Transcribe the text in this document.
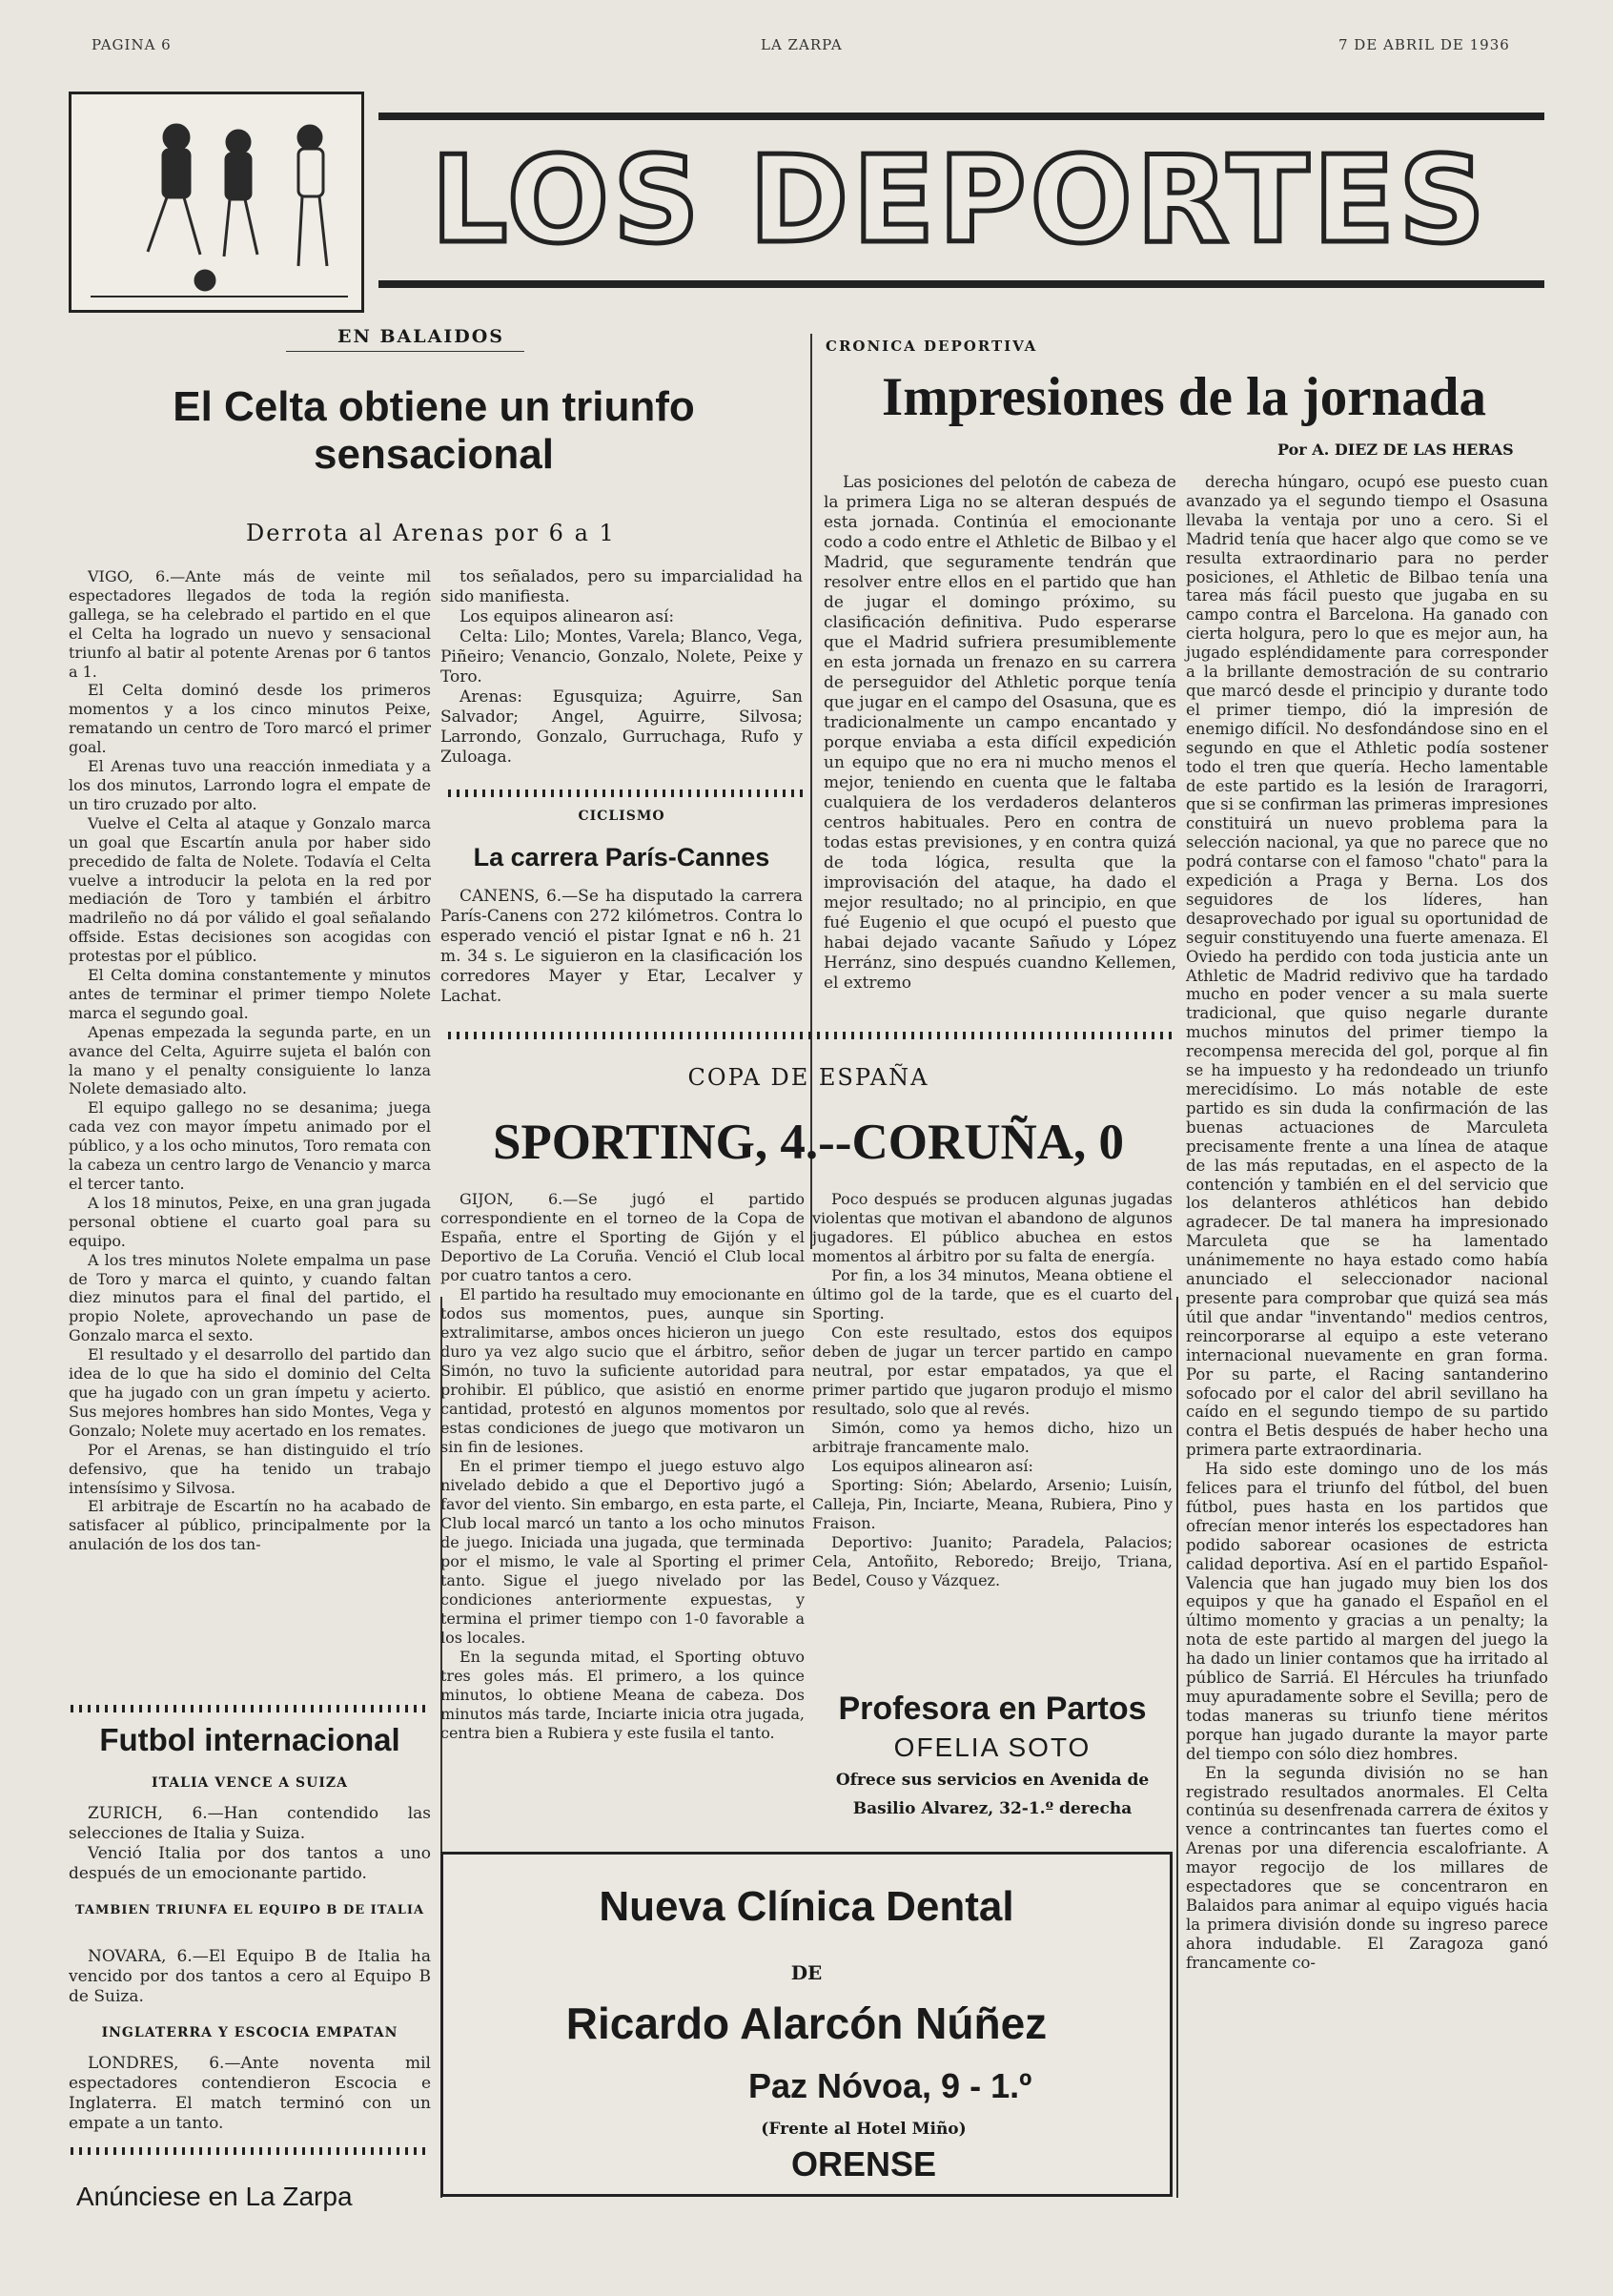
PAGINA 6	LA ZARPA	7 DE ABRIL DE 1936
LOS DEPORTES
EN BALAIDOS
El Celta obtiene un triunfo sensacional
Derrota al Arenas por 6 a 1

VIGO, 6.—Ante más de veinte mil espectadores llegados de toda la región gallega, se ha celebrado el partido en el que el Celta ha logrado un nuevo y sensacional triunfo al batir al potente Arenas por 6 tantos a 1.

El Celta dominó desde los primeros momentos y a los cinco minutos Peixe, rematando un centro de Toro marcó el primer goal.

El Arenas tuvo una reacción inmediata y a los dos minutos, Larrondo logra el empate de un tiro cruzado por alto.

Vuelve el Celta al ataque y Gonzalo marca un goal que Escartín anula por haber sido precedido de falta de Nolete. Todavía el Celta vuelve a introducir la pelota en la red por mediación de Toro y también el árbitro madrileño no dá por válido el goal señalando offside. Estas decisiones son acogidas con protestas por el público.

El Celta domina constantemente y minutos antes de terminar el primer tiempo Nolete marca el segundo goal.

Apenas empezada la segunda parte, en un avance del Celta, Aguirre sujeta el balón con la mano y el penalty consiguiente lo lanza Nolete demasiado alto.

El equipo gallego no se desanima; juega cada vez con mayor ímpetu animado por el público, y a los ocho minutos, Toro remata con la cabeza un centro largo de Venancio y marca el tercer tanto.

A los 18 minutos, Peixe, en una gran jugada personal obtiene el cuarto goal para su equipo.

A los tres minutos Nolete empalma un pase de Toro y marca el quinto, y cuando faltan diez minutos para el final del partido, el propio Nolete, aprovechando un pase de Gonzalo marca el sexto.

El resultado y el desarrollo del partido dan idea de lo que ha sido el dominio del Celta que ha jugado con un gran ímpetu y acierto. Sus mejores hombres han sido Montes, Vega y Gonzalo; Nolete muy acertado en los remates.

Por el Arenas, se han distinguido el trío defensivo, que ha tenido un trabajo intensísimo y Silvosa.

El arbitraje de Escartín no ha acabado de satisfacer al público, principalmente por la anulación de los dos tan-

tos señalados, pero su imparcialidad ha sido manifiesta.

Los equipos alinearon así:

Celta: Lilo; Montes, Varela; Blanco, Vega, Piñeiro; Venancio, Gonzalo, Nolete, Peixe y Toro.

Arenas: Egusquiza; Aguirre, San Salvador; Angel, Aguirre, Silvosa; Larrondo, Gonzalo, Gurruchaga, Rufo y Zuloaga.

CICLISMO
La carrera París-Cannes

CANENS, 6.—Se ha disputado la carrera París-Canens con 272 kilómetros. Contra lo esperado venció el pistar Ignat e n6 h. 21 m. 34 s. Le siguieron en la clasificación los corredores Mayer y Etar, Lecalver y Lachat.

Futbol internacional
ITALIA VENCE A SUIZA

ZURICH, 6.—Han contendido las selecciones de Italia y Suiza.

Venció Italia por dos tantos a uno después de un emocionante partido.

TAMBIEN TRIUNFA EL EQUIPO B DE ITALIA

NOVARA, 6.—El Equipo B de Italia ha vencido por dos tantos a cero al Equipo B de Suiza.

INGLATERRA Y ESCOCIA EMPATAN

LONDRES, 6.—Ante noventa mil espectadores contendieron Escocia e Inglaterra. El match terminó con un empate a un tanto.

Anúnciese en La Zarpa
CRONICA DEPORTIVA
Impresiones de la jornada
Por A. DIEZ DE LAS HERAS

Las posiciones del pelotón de cabeza de la primera Liga no se alteran después de esta jornada. Continúa el emocionante codo a codo entre el Athletic de Bilbao y el Madrid, que seguramente tendrán que resolver entre ellos en el partido que han de jugar el domingo próximo, su clasificación definitiva. Pudo esperarse que el Madrid sufriera presumiblemente en esta jornada un frenazo en su carrera de perseguidor del Athletic porque tenía que jugar en el campo del Osasuna, que es tradicionalmente un campo encantado y porque enviaba a esta difícil expedición un equipo que no era ni mucho menos el mejor, teniendo en cuenta que le faltaba cualquiera de los verdaderos delanteros centros habituales. Pero en contra de todas estas previsiones, y en contra quizá de toda lógica, resulta que la improvisación del ataque, ha dado el mejor resultado; no al principio, en que fué Eugenio el que ocupó el puesto que habai dejado vacante Sañudo y López Herránz, sino después cuandno Kellemen, el extremo

derecha húngaro, ocupó ese puesto cuan avanzado ya el segundo tiempo el Osasuna llevaba la ventaja por uno a cero. Si el Madrid tenía que hacer algo que como se ve resulta extraordinario para no perder posiciones, el Athletic de Bilbao tenía una tarea más fácil puesto que jugaba en su campo contra el Barcelona. Ha ganado con cierta holgura, pero lo que es mejor aun, ha jugado espléndidamente para corresponder a la brillante demostración de su contrario que marcó desde el principio y durante todo el primer tiempo, dió la impresión de enemigo difícil. No desfondándose sino en el segundo en que el Athletic podía sostener todo el tren que quería. Hecho lamentable de este partido es la lesión de Iraragorri, que si se confirman las primeras impresiones constituirá un nuevo problema para la selección nacional, ya que no parece que no podrá contarse con el famoso "chato" para la expedición a Praga y Berna. Los dos seguidores de los líderes, han desaprovechado por igual su oportunidad de seguir constituyendo una fuerte amenaza. El Oviedo ha perdido con toda justicia ante un Athletic de Madrid redivivo que ha tardado mucho en poder vencer a su mala suerte tradicional, que quiso negarle durante muchos minutos del primer tiempo la recompensa merecida del gol, porque al fin se ha impuesto y ha redondeado un triunfo merecidísimo. Lo más notable de este partido es sin duda la confirmación de las buenas actuaciones de Marculeta precisamente frente a una línea de ataque de las más reputadas, en el aspecto de la contención y también en el del servicio que los delanteros athléticos han debido agradecer. De tal manera ha impresionado Marculeta que se ha lamentado unánimemente no haya estado como había anunciado el seleccionador nacional presente para comprobar que quizá sea más útil que andar "inventando" medios centros, reincorporarse al equipo a este veterano internacional nuevamente en gran forma. Por su parte, el Racing santanderino sofocado por el calor del abril sevillano ha caído en el segundo tiempo de su partido contra el Betis después de haber hecho una primera parte extraordinaria.

Ha sido este domingo uno de los más felices para el triunfo del fútbol, del buen fútbol, pues hasta en los partidos que ofrecían menor interés los espectadores han podido saborear ocasiones de estricta calidad deportiva. Así en el partido Español-Valencia que han jugado muy bien los dos equipos y que ha ganado el Español en el último momento y gracias a un penalty; la nota de este partido al margen del juego la ha dado un linier contamos que ha irritado al público de Sarriá. El Hércules ha triunfado muy apuradamente sobre el Sevilla; pero de todas maneras su triunfo tiene méritos porque han jugado durante la mayor parte del tiempo con sólo diez hombres.

En la segunda división no se han registrado resultados anormales. El Celta continúa su desenfrenada carrera de éxitos y vence a contrincantes tan fuertes como el Arenas por una diferencia escalofriante. A mayor regocijo de los millares de espectadores que se concentraron en Balaidos para animar al equipo vigués hacia la primera división donde su ingreso parece ahora indudable. El Zaragoza ganó francamente co-

COPA DE ESPAÑA
SPORTING, 4.--CORUÑA, 0

GIJON, 6.—Se jugó el partido correspondiente en el torneo de la Copa de España, entre el Sporting de Gijón y el Deportivo de La Coruña. Venció el Club local por cuatro tantos a cero.

El partido ha resultado muy emocionante en todos sus momentos, pues, aunque sin extralimitarse, ambos onces hicieron un juego duro ya vez algo sucio que el árbitro, señor Simón, no tuvo la suficiente autoridad para prohibir. El público, que asistió en enorme cantidad, protestó en algunos momentos por estas condiciones de juego que motivaron un sin fin de lesiones.

En el primer tiempo el juego estuvo algo nivelado debido a que el Deportivo jugó a favor del viento. Sin embargo, en esta parte, el Club local marcó un tanto a los ocho minutos de juego. Iniciada una jugada, que terminada por el mismo, le vale al Sporting el primer tanto. Sigue el juego nivelado por las condiciones anteriormente expuestas, y termina el primer tiempo con 1-0 favorable a los locales.

En la segunda mitad, el Sporting obtuvo tres goles más. El primero, a los quince minutos, lo obtiene Meana de cabeza. Dos minutos más tarde, Inciarte inicia otra jugada, centra bien a Rubiera y este fusila el tanto.

Poco después se producen algunas jugadas violentas que motivan el abandono de algunos jugadores. El público abuchea en estos momentos al árbitro por su falta de energía.

Por fin, a los 34 minutos, Meana obtiene el último gol de la tarde, que es el cuarto del Sporting.

Con este resultado, estos dos equipos deben de jugar un tercer partido en campo neutral, por estar empatados, ya que el primer partido que jugaron produjo el mismo resultado, solo que al revés.

Simón, como ya hemos dicho, hizo un arbitraje francamente malo.

Los equipos alinearon así:

Sporting: Sión; Abelardo, Arsenio; Luisín, Calleja, Pin, Inciarte, Meana, Rubiera, Pino y Fraison.

Deportivo: Juanito; Paradela, Palacios; Cela, Antoñito, Reboredo; Breijo, Triana, Bedel, Couso y Vázquez.

Profesora en Partos
OFELIA SOTO
Ofrece sus servicios en Avenida de
Basilio Alvarez, 32-1.º derecha
Nueva Clínica Dental
DE
Ricardo Alarcón Núñez
Paz Nóvoa, 9 - 1.º
(Frente al Hotel Miño)
ORENSE
